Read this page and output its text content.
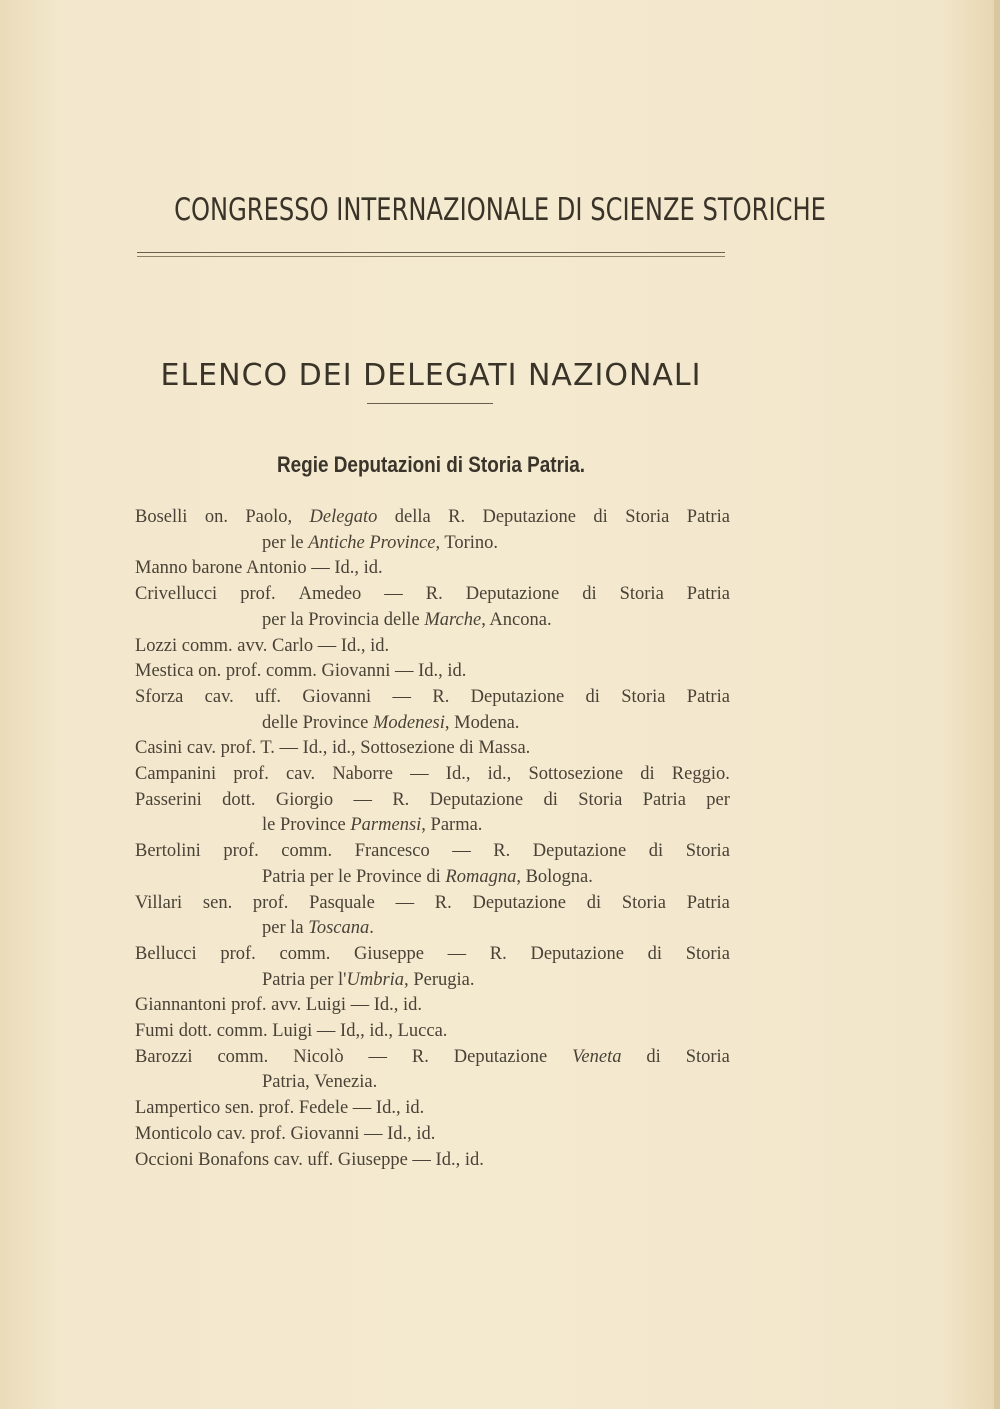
CONGRESSO INTERNAZIONALE DI SCIENZE STORICHE
ELENCO DEI DELEGATI NAZIONALI
Regie Deputazioni di Storia Patria.
Boselli on. Paolo, Delegato della R. Deputazione di Storia Patria
per le Antiche Province , Torino.
Manno barone Antonio — Id., id.
Crivellucci prof. Amedeo — R. Deputazione di Storia Patria
per la Provincia delle Marche , Ancona.
Lozzi comm. avv. Carlo — Id., id.
Mestica on. prof. comm. Giovanni — Id., id.
Sforza cav. uff. Giovanni — R. Deputazione di Storia Patria
delle Province Modenesi , Modena.
Casini cav. prof. T. — Id., id., Sottosezione di Massa.
Campanini prof. cav. Naborre — Id., id., Sottosezione di Reggio.
Passerini dott. Giorgio — R. Deputazione di Storia Patria per
le Province Parmensi , Parma.
Bertolini prof. comm. Francesco — R. Deputazione di Storia
Patria per le Province di Romagna , Bologna.
Villari sen. prof. Pasquale — R. Deputazione di Storia Patria
per la Toscana .
Bellucci prof. comm. Giuseppe — R. Deputazione di Storia
Patria per l' Umbria, Perugia.
Giannantoni prof. avv. Luigi — Id., id.
Fumi dott. comm. Luigi — Id,, id., Lucca.
Barozzi comm. Nicolò — R. Deputazione Veneta di Storia
Patria, Venezia.
Lampertico sen. prof. Fedele — Id., id.
Monticolo cav. prof. Giovanni — Id., id.
Occioni Bonafons cav. uff. Giuseppe — Id., id.
